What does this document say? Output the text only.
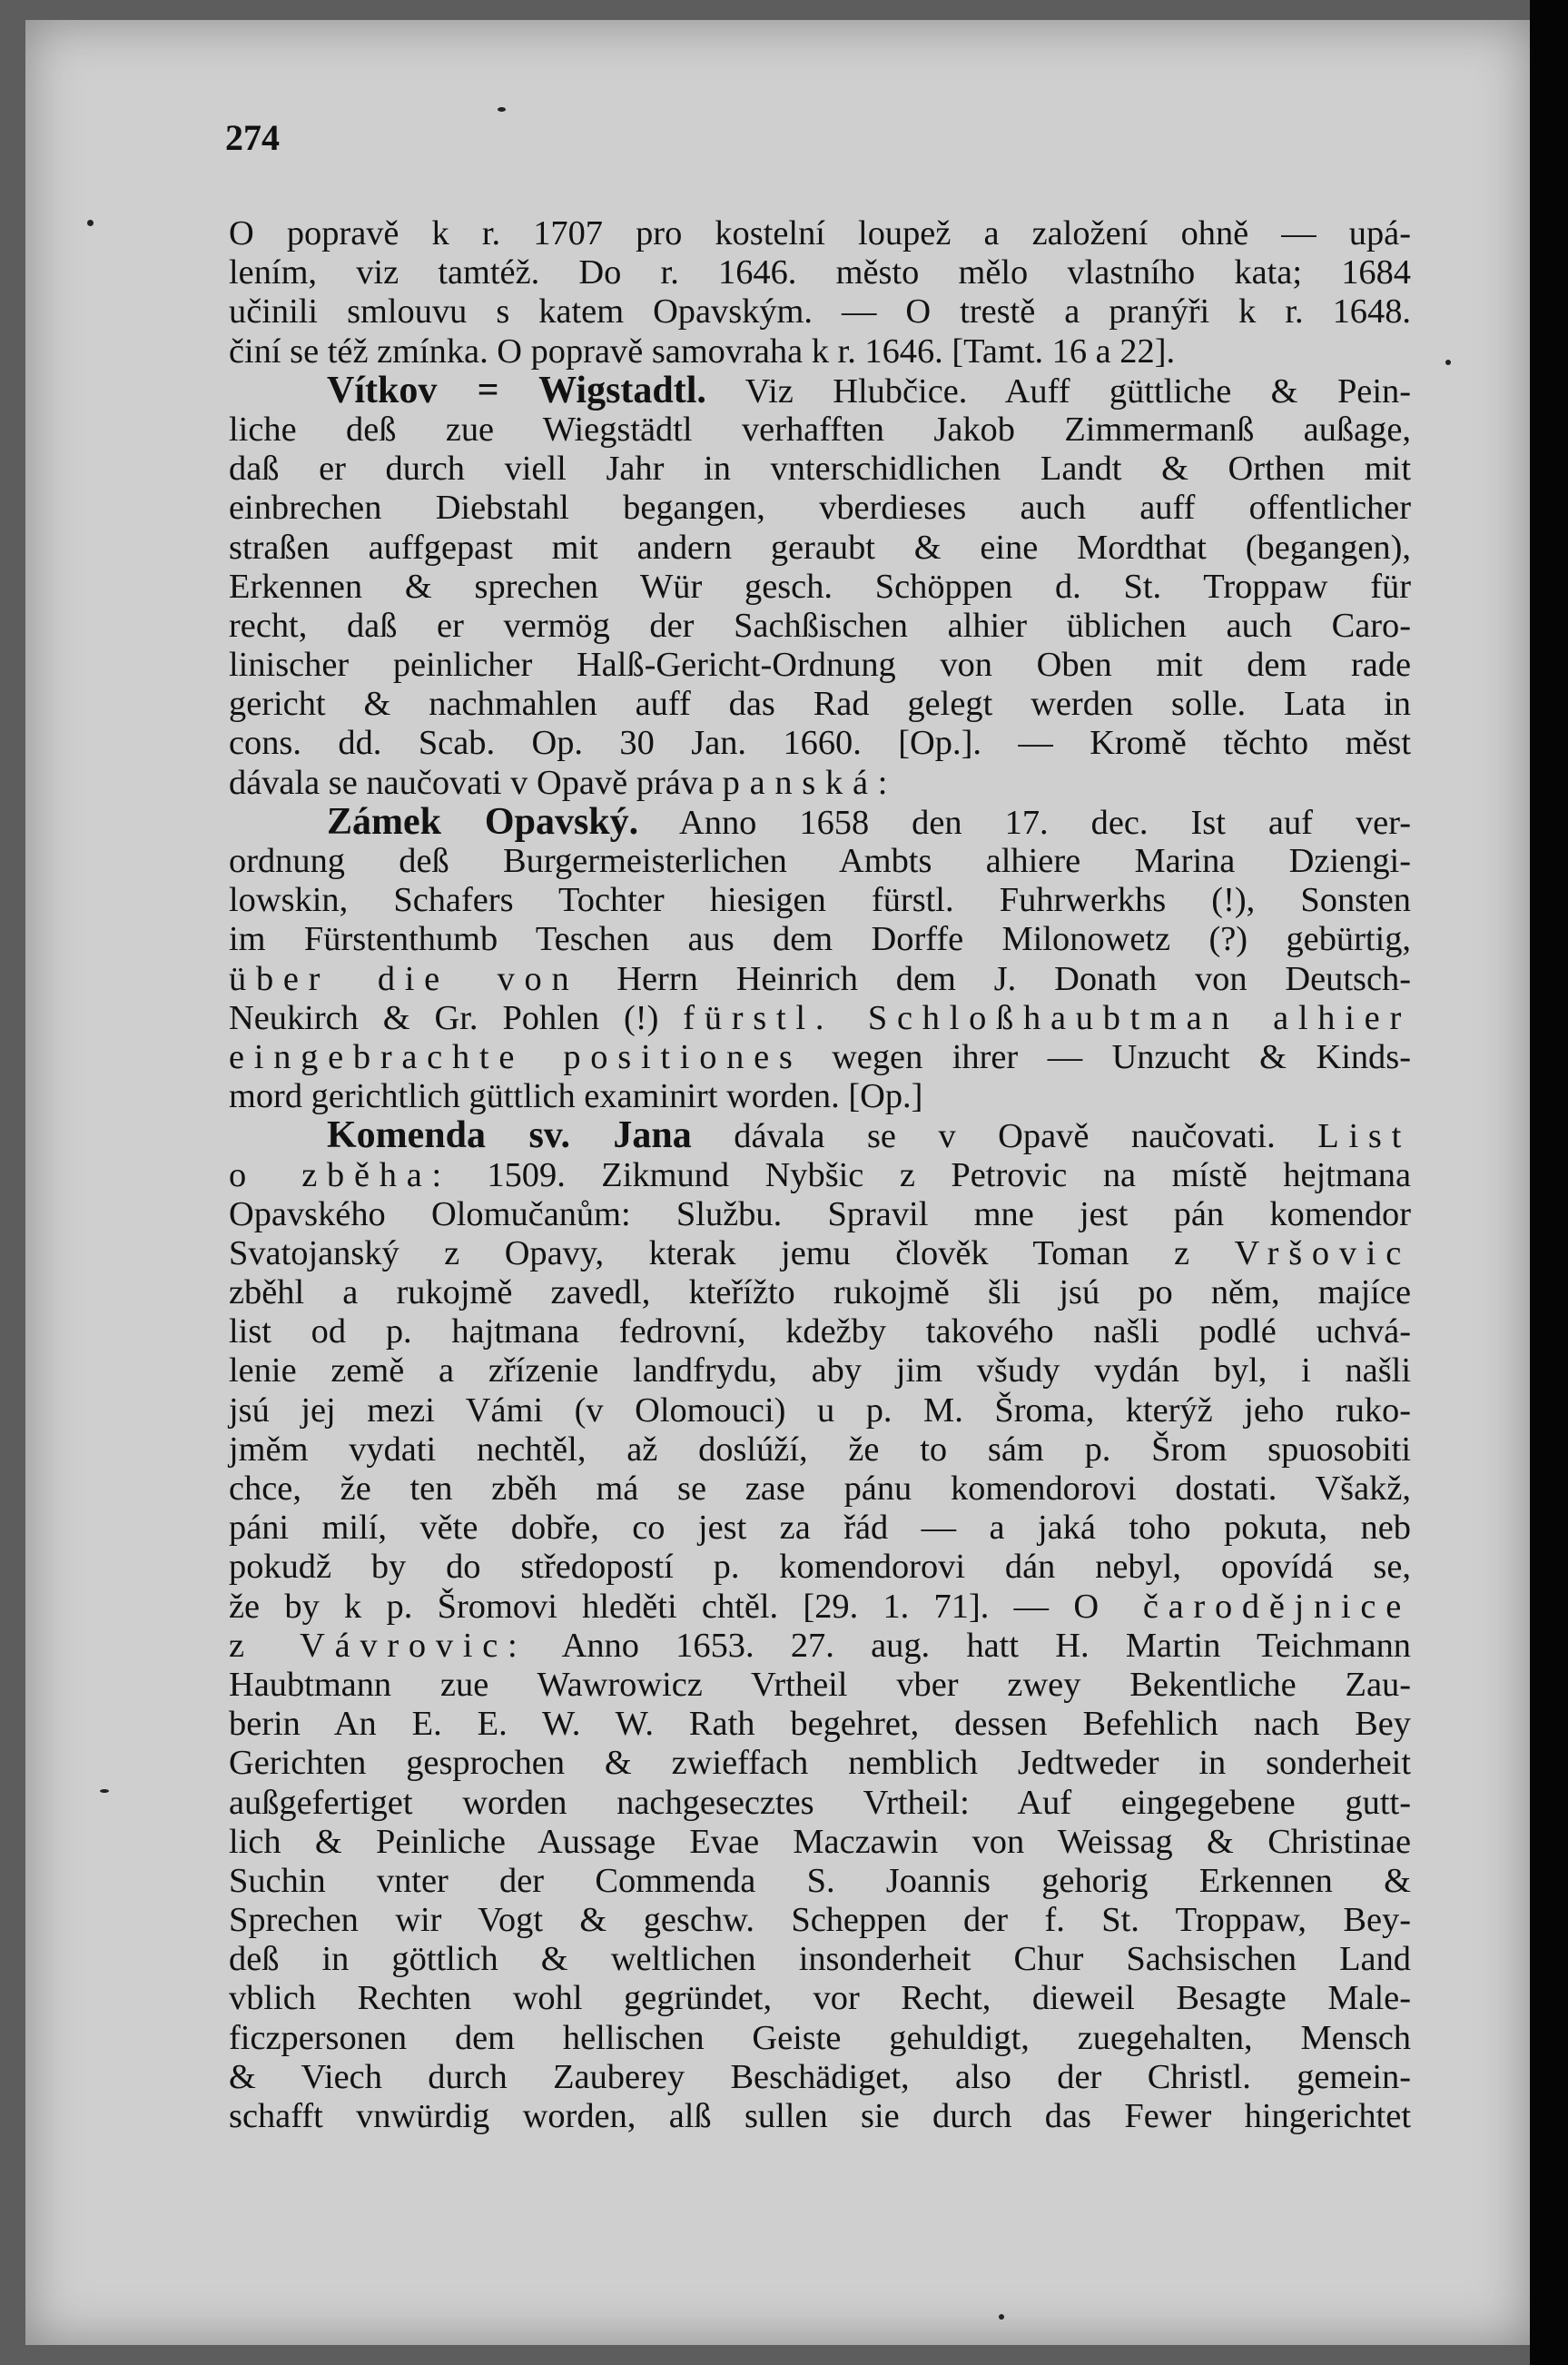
274
O popravě k r. 1707 pro kostelní loupež a založení ohně — upá-
lením, viz tamtéž. Do r. 1646. město mělo vlastního kata; 1684
učinili smlouvu s katem Opavským. — O trestě a pranýři k r. 1648.
činí se též zmínka. O popravě samovraha k r. 1646. [Tamt. 16 a 22].
Vítkov = Wigstadtl. Viz Hlubčice. Auff güttliche & Pein-
liche deß zue Wiegstädtl verhafften Jakob Zimmermanß außage,
daß er durch viell Jahr in vnterschidlichen Landt & Orthen mit
einbrechen Diebstahl begangen, vberdieses auch auff offentlicher
straßen auffgepast mit andern geraubt & eine Mordthat (begangen),
Erkennen & sprechen Wür gesch. Schöppen d. St. Troppaw für
recht, daß er vermög der Sachßischen alhier üblichen auch Caro-
linischer peinlicher Halß-Gericht-Ordnung von Oben mit dem rade
gericht & nachmahlen auff das Rad gelegt werden solle. Lata in
cons. dd. Scab. Op. 30 Jan. 1660. [Op.]. — Kromě těchto měst
dávala se naučovati v Opavě práva panská:
Zámek Opavský. Anno 1658 den 17. dec. Ist auf ver-
ordnung deß Burgermeisterlichen Ambts alhiere Marina Dziengi-
lowskin, Schafers Tochter hiesigen fürstl. Fuhrwerkhs (!), Sonsten
im Fürstenthumb Teschen aus dem Dorffe Milonowetz (?) gebürtig,
über die von Herrn Heinrich dem J. Donath von Deutsch-
Neukirch & Gr. Pohlen (!) fürstl. Schloßhaubtman alhier
eingebrachte positiones wegen ihrer — Unzucht & Kinds-
mord gerichtlich güttlich examinirt worden. [Op.]
Komenda sv. Jana dávala se v Opavě naučovati. List
o zběha: 1509. Zikmund Nybšic z Petrovic na místě hejtmana
Opavského Olomučanům: Službu. Spravil mne jest pán komendor
Svatojanský z Opavy, kterak jemu člověk Toman z Vršovic
zběhl a rukojmě zavedl, kteřížto rukojmě šli jsú po něm, majíce
list od p. hajtmana fedrovní, kdežby takového našli podlé uchvá-
lenie země a zřízenie landfrydu, aby jim všudy vydán byl, i našli
jsú jej mezi Vámi (v Olomouci) u p. M. Šroma, kterýž jeho ruko-
jměm vydati nechtěl, až doslúží, že to sám p. Šrom spuosobiti
chce, že ten zběh má se zase pánu komendorovi dostati. Všakž,
páni milí, věte dobře, co jest za řád — a jaká toho pokuta, neb
pokudž by do středopostí p. komendorovi dán nebyl, opovídá se,
že by k p. Šromovi hleděti chtěl. [29. 1. 71]. — O čarodějnice
z Vávrovic: Anno 1653. 27. aug. hatt H. Martin Teichmann
Haubtmann zue Wawrowicz Vrtheil vber zwey Bekentliche Zau-
berin An E. E. W. W. Rath begehret, dessen Befehlich nach Bey
Gerichten gesprochen & zwieffach nemblich Jedtweder in sonderheit
außgefertiget worden nachgeseсztes Vrtheil: Auf eingegebene gutt-
lich & Peinliche Aussage Evae Maczawin von Weissag & Christinae
Suchin vnter der Commenda S. Joannis gehorig Erkennen &
Sprechen wir Vogt & geschw. Scheppen der f. St. Troppaw, Bey-
deß in göttlich & weltlichen insonderheit Chur Sachsischen Land
vblich Rechten wohl gegründet, vor Recht, dieweil Besagte Male-
ficzpersonen dem hellischen Geiste gehuldigt, zuegehalten, Mensch
& Viech durch Zauberey Beschädiget, also der Christl. gemein-
schafft vnwürdig worden, alß sullen sie durch das Fewer hingerichtet
